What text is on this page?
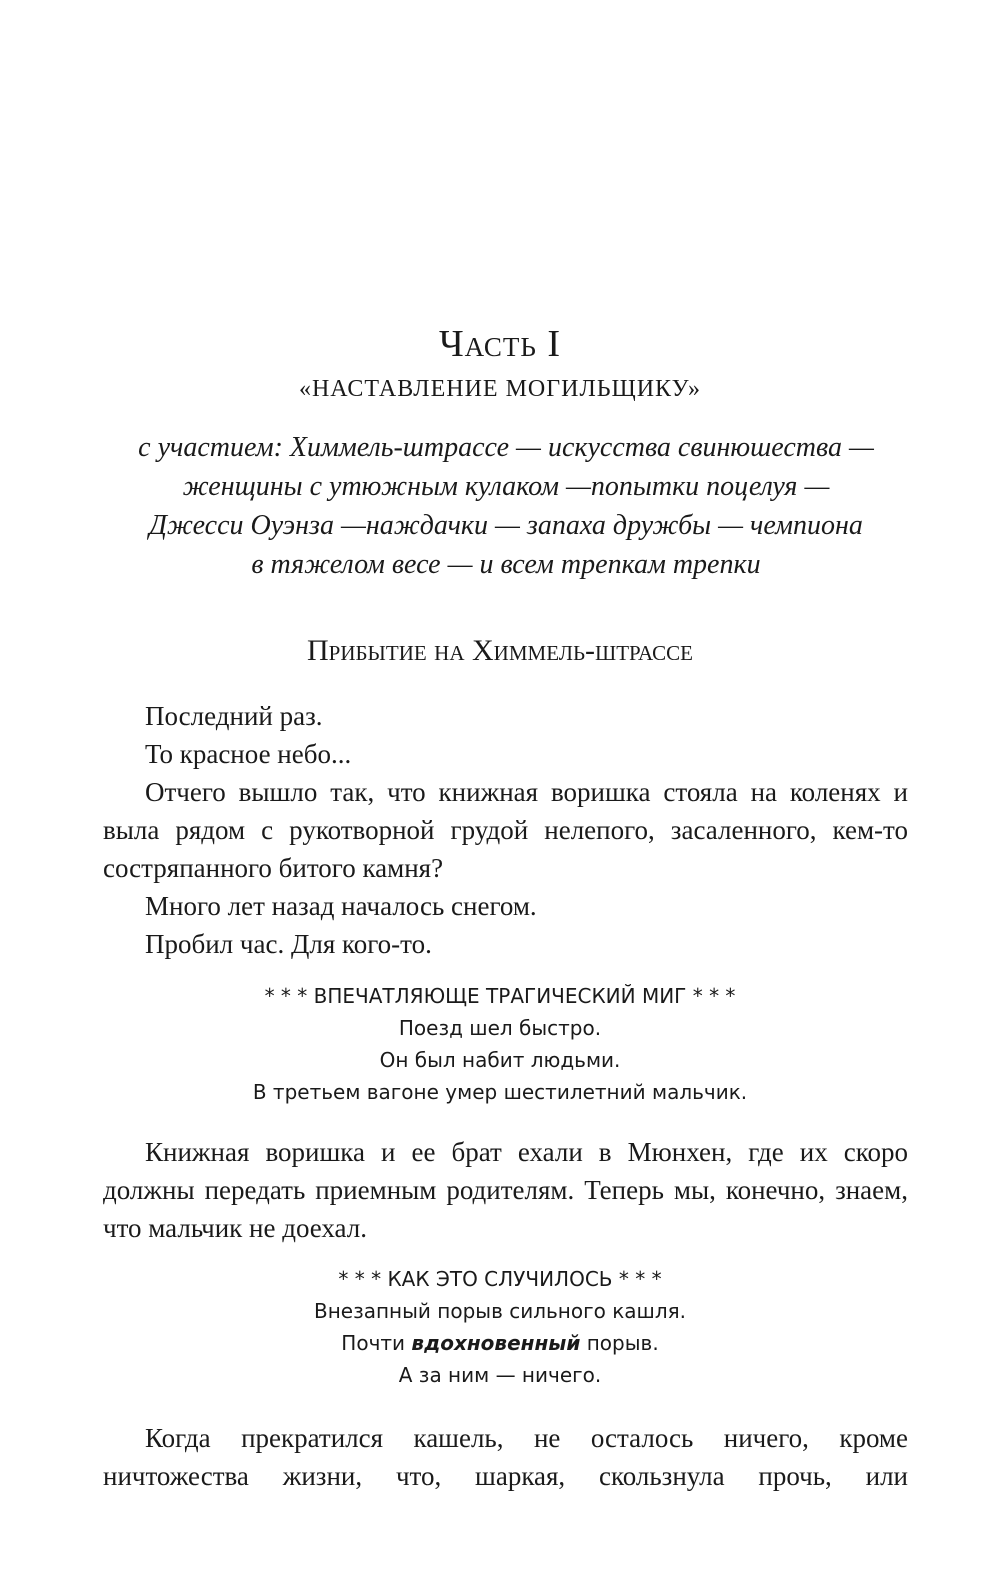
Часть I
«НАСТАВЛЕНИЕ МОГИЛЬЩИКУ»
с участием: Химмель-штрассе — искусства свинюшества —
женщины с утюжным кулаком —попытки поцелуя —
Джесси Оуэнза —наждачки — запаха дружбы — чемпиона
в тяжелом весе — и всем трепкам трепки
Прибытие на Химмель-штрассе

Последний раз.

То красное небо...

Отчего вышло так, что книжная воришка стояла на коленях и выла рядом с рукотворной грудой нелепого, засаленного, кем-то состряпанного битого камня?

Много лет назад началось снегом.

Пробил час. Для кого-то.

* * * ВПЕЧАТЛЯЮЩЕ ТРАГИЧЕСКИЙ МИГ * * *
Поезд шел быстро.
Он был набит людьми.
В третьем вагоне умер шестилетний мальчик.

Книжная воришка и ее брат ехали в Мюнхен, где их скоро должны передать приемным родителям. Теперь мы, конечно, знаем, что мальчик не доехал.

* * * КАК ЭТО СЛУЧИЛОСЬ * * *
Внезапный порыв сильного кашля.
Почти вдохновенный порыв.
А за ним — ничего.

Когда прекратился кашель, не осталось ничего, кроме ничтожества жизни, что, шаркая, скользнула прочь, или
